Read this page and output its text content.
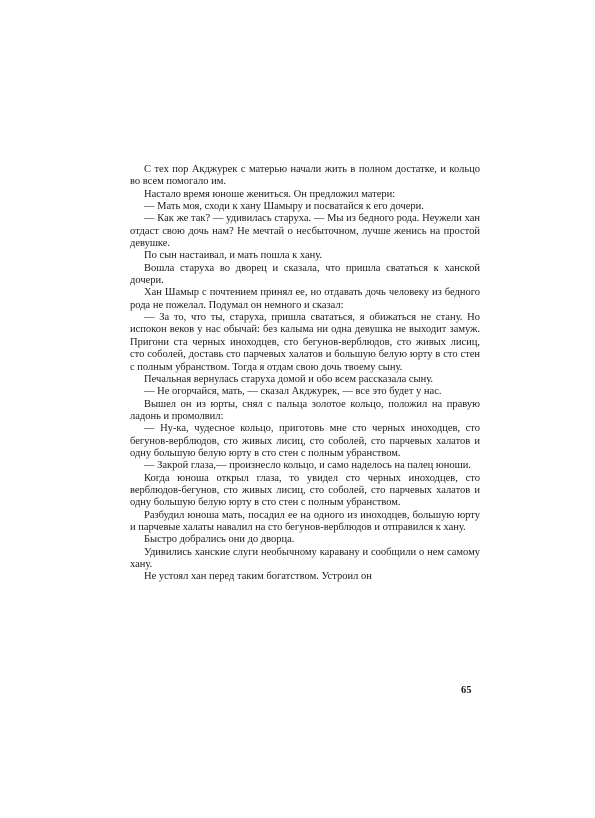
С тех пор Акджурек с матерью начали жить в полном достатке, и кольцо во всем помогало им.

Настало время юноше жениться. Он предложил матери:

— Мать моя, сходи к хану Шамыру и посватайся к его дочери.

— Как же так? — удивилась старуха. — Мы из бедного рода. Неужели хан отдаст свою дочь нам? Не мечтай о несбыточном, лучше женись на простой девушке.

По сын настаивал, и мать пошла к хану.

Вошла старуха во дворец и сказала, что пришла свататься к ханской дочери.

Хан Шамыр с почтением принял ее, но отдавать дочь человеку из бедного рода не пожелал. Подумал он немного и сказал:

— За то, что ты, старуха, пришла свататься, я обижаться не стану. Но испокон веков у нас обычай: без калыма ни одна девушка не выходит замуж. Пригони ста черных иноходцев, сто бегунов-верблюдов, сто живых лисиц, сто соболей, доставь сто парчевых халатов и большую белую юрту в сто стен с полным убранством. Тогда я отдам свою дочь твоему сыну.

Печальная вернулась старуха домой и обо всем рассказала сыну.

— Не огорчайся, мать, — сказал Акджурек, — все это будет у нас.

Вышел он из юрты, снял с пальца золотое кольцо, положил на правую ладонь и промолвил:

— Ну-ка, чудесное кольцо, приготовь мне сто черных иноходцев, сто бегунов-верблюдов, сто живых лисиц, сто соболей, сто парчевых халатов и одну большую белую юрту в сто стен с полным убранством.

— Закрой глаза,— произнесло кольцо, и само наделось на палец юноши.

Когда юноша открыл глаза, то увидел сто черных иноходцев, сто верблюдов-бегунов, сто живых лисиц, сто соболей, сто парчевых халатов и одну большую белую юрту в сто стен с полным убранством.

Разбудил юноша мать, посадил ее на одного из иноходцев, большую юрту и парчевые халаты навалил на сто бегунов-верблюдов и отправился к хану.

Быстро добрались они до дворца.

Удивились ханские слуги необычному каравану и сообщили о нем самому хану.

Не устоял хан перед таким богатством. Устроил он

65
